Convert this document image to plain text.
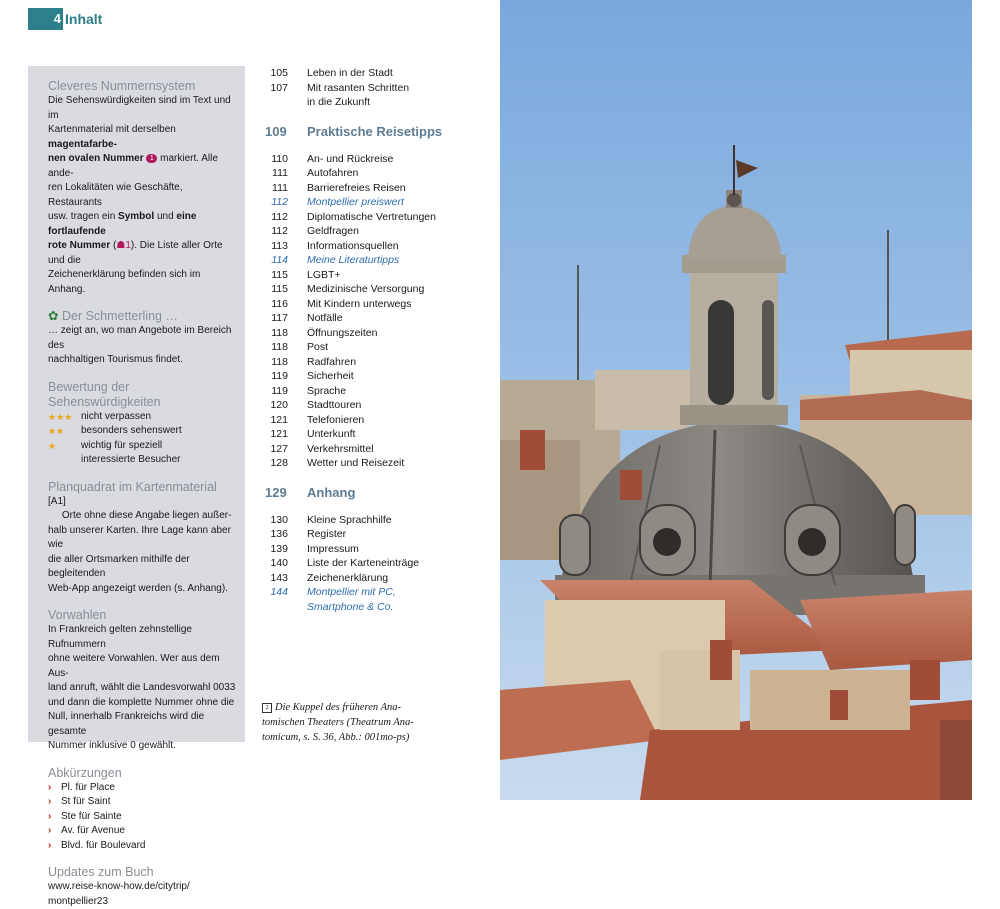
4 Inhalt

Cleveres Nummernsystem

Die Sehenswürdigkeiten sind im Text und im
Kartenmaterial mit derselben magentafarbe-
nen ovalen Nummer 1 markiert. Alle ande-
ren Lokalitäten wie Geschäfte, Restaurants
usw. tragen ein Symbol und eine fortlaufende
rote Nummer (☗1). Die Liste aller Orte und die
Zeichenerklärung befinden sich im Anhang.

✿ Der Schmetterling …

… zeigt an, wo man Angebote im Bereich des
nachhaltigen Tourismus findet.

Bewertung der
Sehenswürdigkeiten

★★★ nicht verpassen
★★	besonders sehenswert
★	wichtig für speziell
interessierte Besucher

Planquadrat im Kartenmaterial

[A1]     Orte ohne diese Angabe liegen außer-
halb unserer Karten. Ihre Lage kann aber wie
die aller Ortsmarken mithilfe der begleitenden
Web-App angezeigt werden (s. Anhang).

Vorwahlen

In Frankreich gelten zehnstellige Rufnummern
ohne weitere Vorwahlen. Wer aus dem Aus-
land anruft, wählt die Landesvorwahl 0033
und dann die komplette Nummer ohne die
Null, innerhalb Frankreichs wird die gesamte
Nummer inklusive 0 gewählt.

Abkürzungen

› Pl. für Place
› St für Saint
› Ste für Sainte
› Av. für Avenue
› Blvd. für Boulevard

Updates zum Buch

www.reise-know-how.de/citytrip/
montpellier23

105 Leben in der Stadt
107 Mit rasanten Schritten
in die Zukunft
109 Praktische Reisetipps
110 An- und Rückreise
111 Autofahren
111 Barrierefreies Reisen
112 Montpellier preiswert
112 Diplomatische Vertretungen
112 Geldfragen
113 Informationsquellen
114 Meine Literaturtipps
115 LGBT+
115 Medizinische Versorgung
116 Mit Kindern unterwegs
117 Notfälle
118 Öffnungszeiten
118 Post
118 Radfahren
119 Sicherheit
119 Sprache
120 Stadttouren
121 Telefonieren
121 Unterkunft
127 Verkehrsmittel
128 Wetter und Reisezeit
129 Anhang
130 Kleine Sprachhilfe
136 Register
139 Impressum
140 Liste der Karteneinträge
143 Zeichenerklärung
144 Montpellier mit PC,
Smartphone & Co.
2 Die Kuppel des früheren Ana-
tomischen Theaters (Theatrum Ana-
tomicum, s. S. 36, Abb.: 001mo-ps)
